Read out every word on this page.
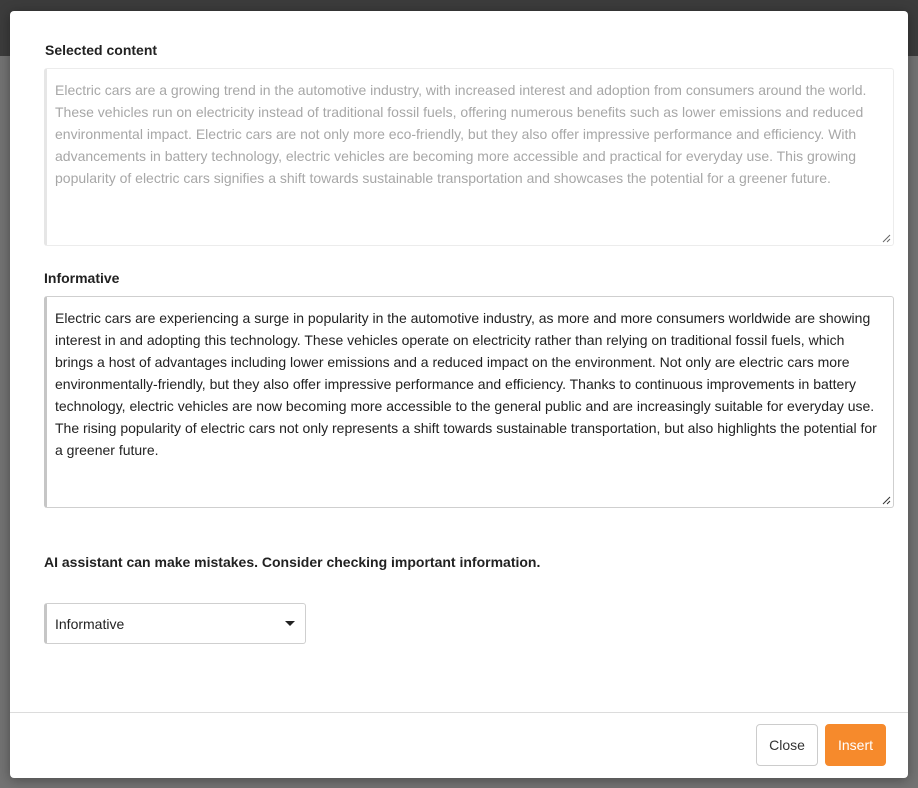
Selected content
Electric cars are a growing trend in the automotive industry, with increased interest and adoption from consumers around the world. These vehicles run on electricity instead of traditional fossil fuels, offering numerous benefits such as lower emissions and reduced environmental impact. Electric cars are not only more eco-friendly, but they also offer impressive performance and efficiency. With advancements in battery technology, electric vehicles are becoming more accessible and practical for everyday use. This growing popularity of electric cars signifies a shift towards sustainable transportation and showcases the potential for a greener future.
Informative
Electric cars are experiencing a surge in popularity in the automotive industry, as more and more consumers worldwide are showing interest in and adopting this technology. These vehicles operate on electricity rather than relying on traditional fossil fuels, which brings a host of advantages including lower emissions and a reduced impact on the environment. Not only are electric cars more environmentally-friendly, but they also offer impressive performance and efficiency. Thanks to continuous improvements in battery technology, electric vehicles are now becoming more accessible to the general public and are increasingly suitable for everyday use. The rising popularity of electric cars not only represents a shift towards sustainable transportation, but also highlights the potential for a greener future.
AI assistant can make mistakes. Consider checking important information.
Informative
Close	Insert
